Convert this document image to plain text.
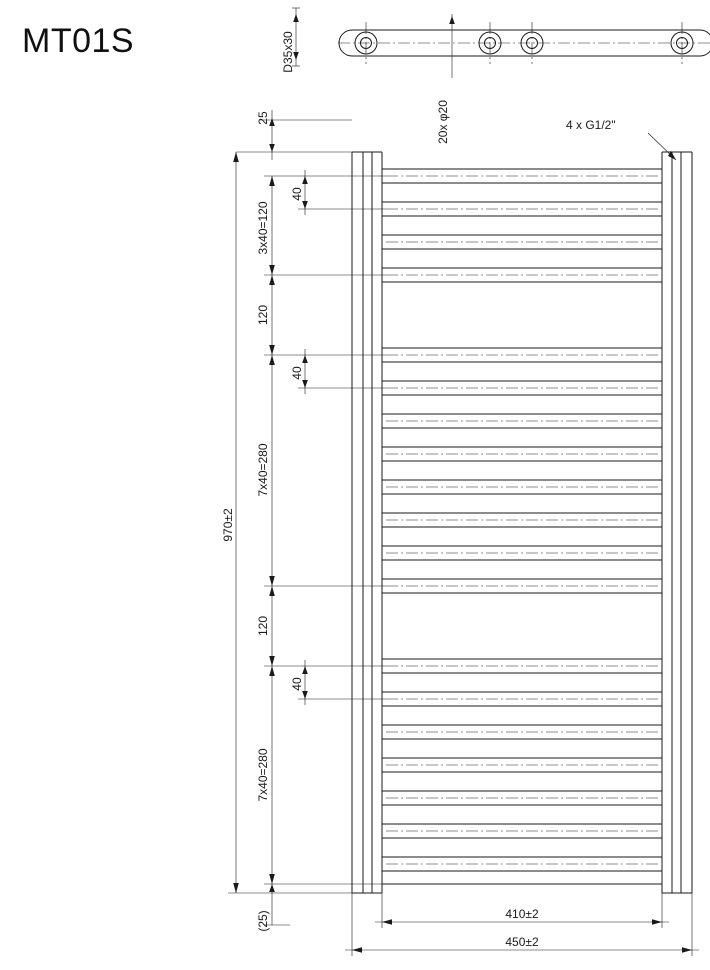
MT01S	D35x30
20x φ20	4 x G1/2"
25
970±2
3x40=120
40
120
40
7x40=280
120
40
7x40=280
(25)	410±2
450±2
